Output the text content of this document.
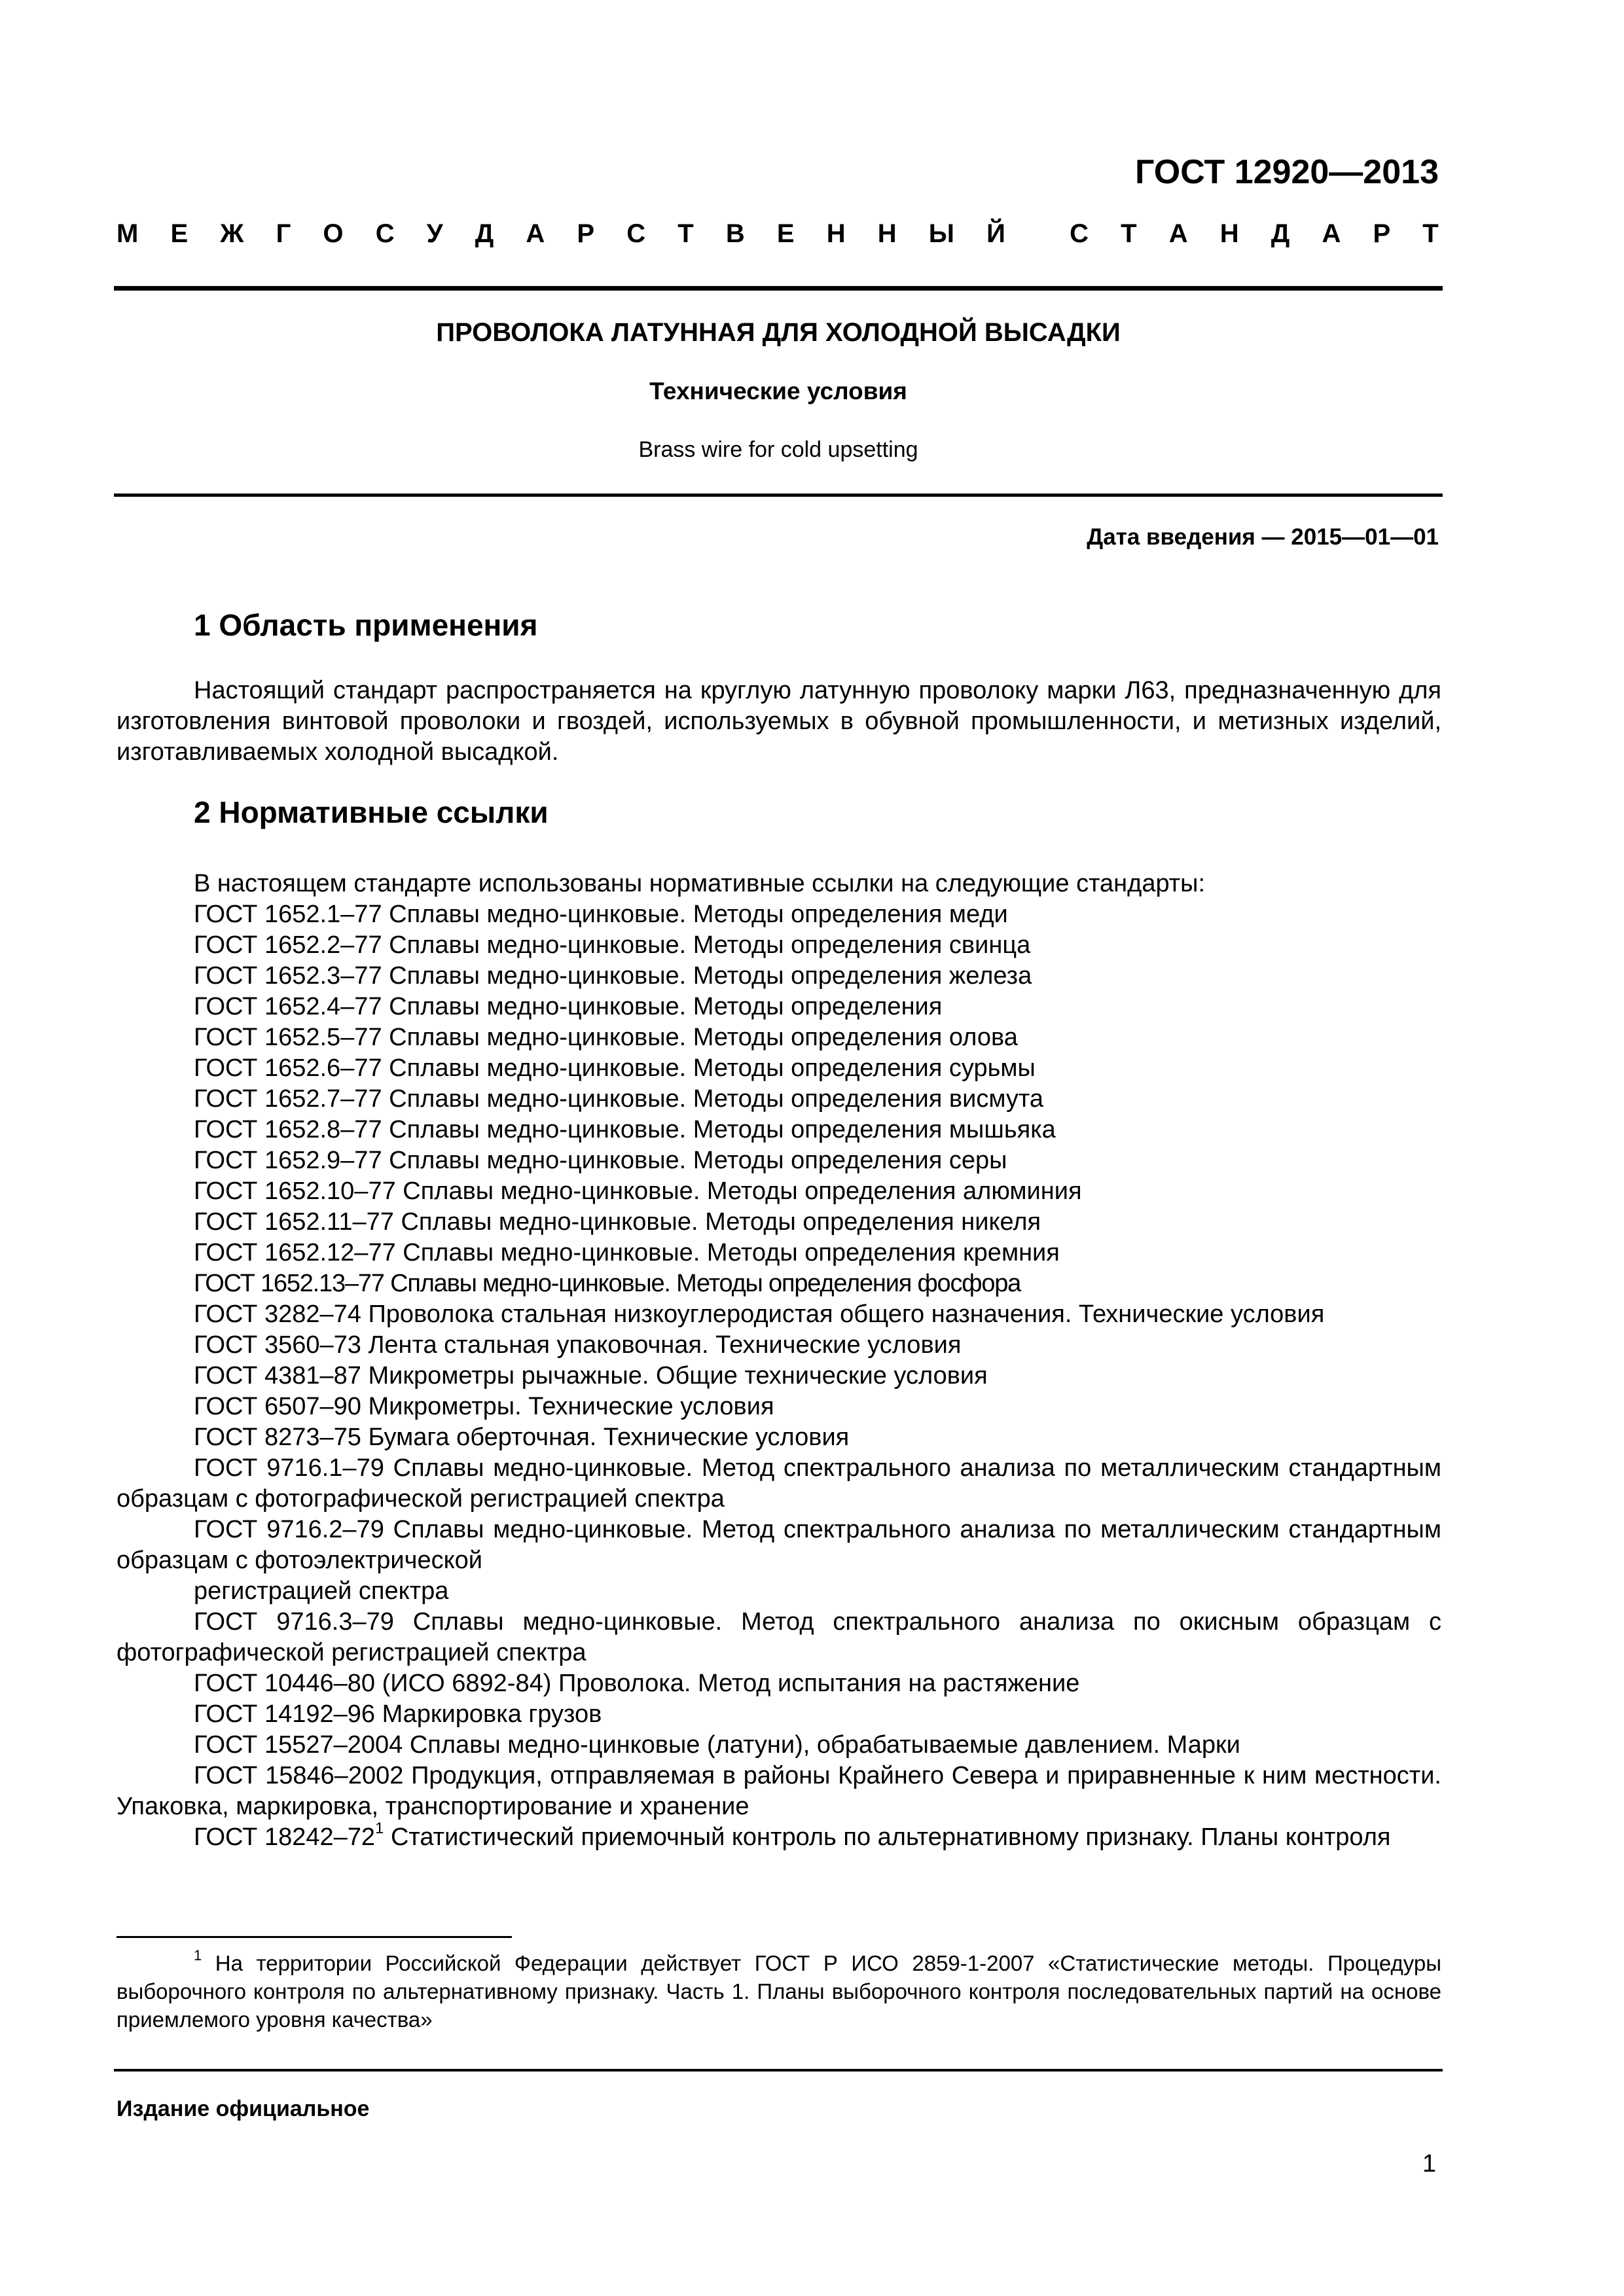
ГОСТ 12920—2013
М Е Ж Г О С У Д А Р С Т В Е Н Н Ы Й С Т А Н Д А Р Т
ПРОВОЛОКА ЛАТУННАЯ ДЛЯ ХОЛОДНОЙ ВЫСАДКИ
Технические условия
Brass wire for cold upsetting
Дата введения — 2015—01—01
1 Область применения

Настоящий стандарт распространяется на круглую латунную проволоку марки Л63, предназначенную для изготовления винтовой проволоки и гвоздей, используемых в обувной промышленности, и метизных изделий, изготавливаемых холодной высадкой.

2 Нормативные ссылки

В настоящем стандарте использованы нормативные ссылки на следующие стандарты:

ГОСТ 1652.1–77 Сплавы медно-цинковые. Методы определения меди

ГОСТ 1652.2–77 Сплавы медно-цинковые. Методы определения свинца

ГОСТ 1652.3–77 Сплавы медно-цинковые. Методы определения железа

ГОСТ 1652.4–77 Сплавы медно-цинковые. Методы определения

ГОСТ 1652.5–77 Сплавы медно-цинковые. Методы определения олова

ГОСТ 1652.6–77 Сплавы медно-цинковые. Методы определения сурьмы

ГОСТ 1652.7–77 Сплавы медно-цинковые. Методы определения висмута

ГОСТ 1652.8–77 Сплавы медно-цинковые. Методы определения мышьяка

ГОСТ 1652.9–77 Сплавы медно-цинковые. Методы определения серы

ГОСТ 1652.10–77 Сплавы медно-цинковые. Методы определения алюминия

ГОСТ 1652.11–77 Сплавы медно-цинковые. Методы определения никеля

ГОСТ 1652.12–77 Сплавы медно-цинковые. Методы определения кремния

ГОСТ 1652.13–77 Сплавы медно-цинковые. Методы определения фосфора

ГОСТ 3282–74 Проволока стальная низкоуглеродистая общего назначения. Технические условия

ГОСТ 3560–73 Лента стальная упаковочная. Технические условия

ГОСТ 4381–87 Микрометры рычажные. Общие технические условия

ГОСТ 6507–90 Микрометры. Технические условия

ГОСТ 8273–75 Бумага оберточная. Технические условия

ГОСТ 9716.1–79 Сплавы медно-цинковые. Метод спектрального анализа по металлическим стандартным образцам с фотографической регистрацией спектра

ГОСТ 9716.2–79 Сплавы медно-цинковые. Метод спектрального анализа по металлическим стандартным образцам с фотоэлектрической

регистрацией спектра

ГОСТ 9716.3–79 Сплавы медно-цинковые. Метод спектрального анализа по окисным образцам с фотографической регистрацией спектра

ГОСТ 10446–80 (ИСО 6892-84) Проволока. Метод испытания на растяжение

ГОСТ 14192–96 Маркировка грузов

ГОСТ 15527–2004 Сплавы медно-цинковые (латуни), обрабатываемые давлением. Марки

ГОСТ 15846–2002 Продукция, отправляемая в районы Крайнего Севера и приравненные к ним местности. Упаковка, маркировка, транспортирование и хранение

ГОСТ $18242-72^1$ Статистический приемочный контроль по альтернативному признаку. Планы контроля

$^1$ На территории Российской Федерации действует ГОСТ Р ИСО 2859-1-2007 «Статистические методы. Процедуры выборочного контроля по альтернативному признаку. Часть 1. Планы выборочного контроля последовательных партий на основе приемлемого уровня качества»
Издание официальное
1
